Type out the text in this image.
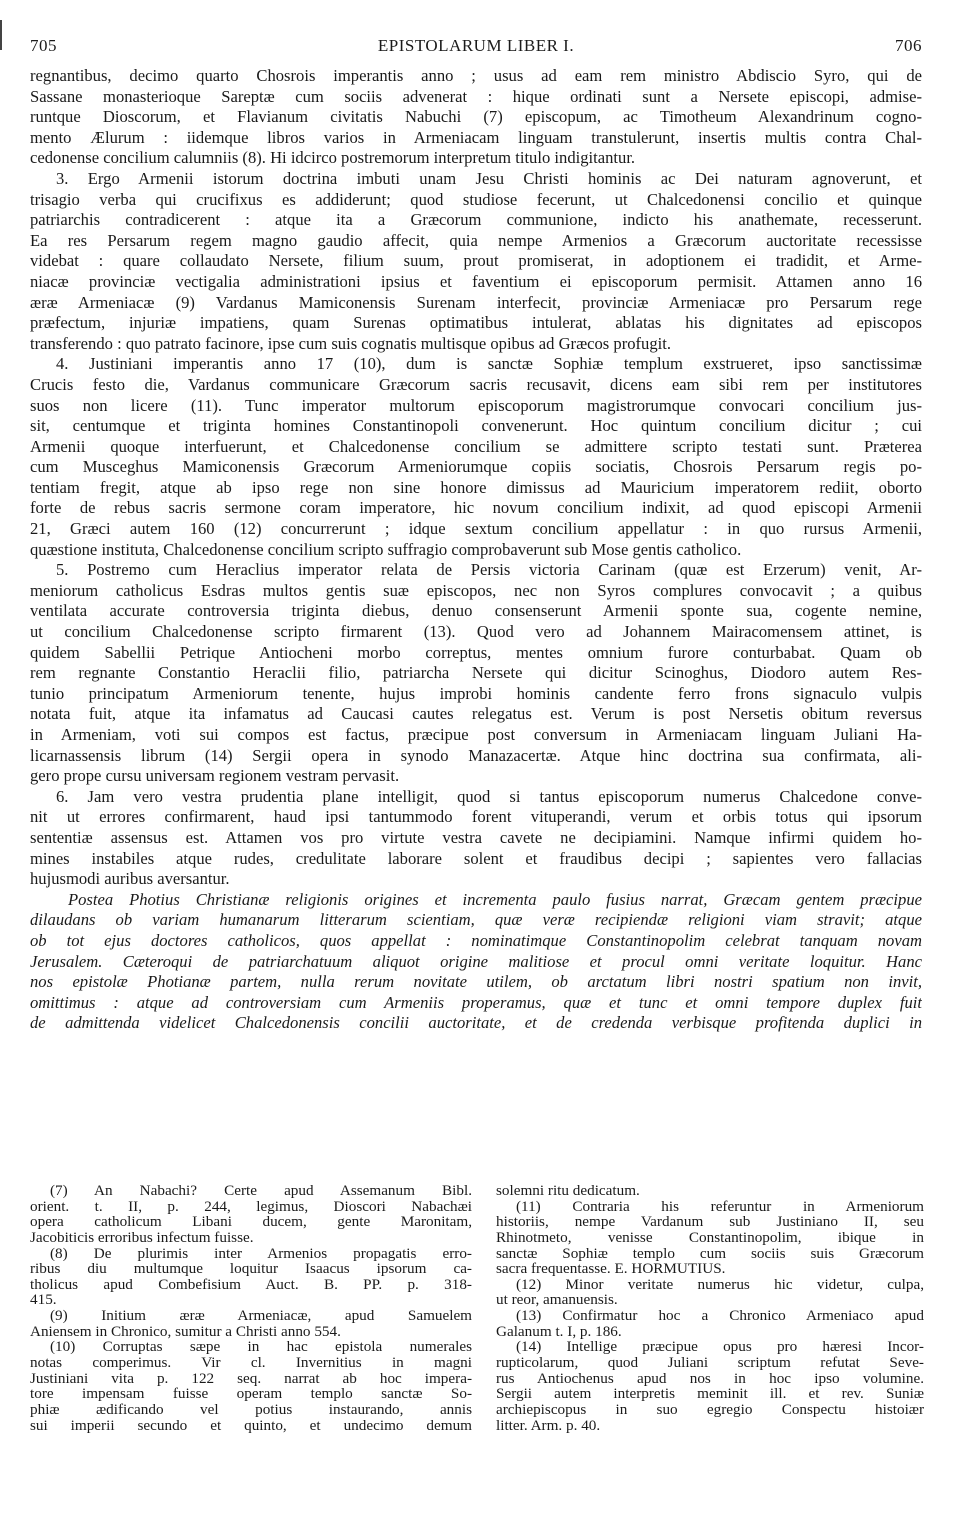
705	EPISTOLARUM LIBER I.	706
regnantibus, decimo quarto Chosrois imperantis anno ; usus ad eam rem ministro Abdiscio Syro, qui de
Sassane monasterioque Sareptæ cum sociis advenerat : hique ordinati sunt a Nersete episcopi, admise-
runtque Dioscorum, et Flavianum civitatis Nabuchi (7) episcopum, ac Timotheum Alexandrinum cogno-
mento Ælurum : iidemque libros varios in Armeniacam linguam transtulerunt, insertis multis contra Chal-
cedonense concilium calumniis (8). Hi idcirco postremorum interpretum titulo indigitantur.
3. Ergo Armenii istorum doctrina imbuti unam Jesu Christi hominis ac Dei naturam agnoverunt, et
trisagio verba qui crucifixus es addiderunt; quod studiose fecerunt, ut Chalcedonensi concilio et quinque
patriarchis contradicerent : atque ita a Græcorum communione, indicto his anathemate, recesserunt.
Ea res Persarum regem magno gaudio affecit, quia nempe Armenios a Græcorum auctoritate recessisse
videbat : quare collaudato Nersete, filium suum, prout promiserat, in adoptionem ei tradidit, et Arme-
niacæ provinciæ vectigalia administrationi ipsius et faventium ei episcoporum permisit. Attamen anno 16
æræ Armeniacæ (9) Vardanus Mamiconensis Surenam interfecit, provinciæ Armeniacæ pro Persarum rege
præfectum, injuriæ impatiens, quam Surenas optimatibus intulerat, ablatas his dignitates ad episcopos
transferendo : quo patrato facinore, ipse cum suis cognatis multisque opibus ad Græcos profugit.
4. Justiniani imperantis anno 17 (10), dum is sanctæ Sophiæ templum exstrueret, ipso sanctissimæ
Crucis festo die, Vardanus communicare Græcorum sacris recusavit, dicens eam sibi rem per institutores
suos non licere (11). Tunc imperator multorum episcoporum magistrorumque convocari concilium jus-
sit, centumque et triginta homines Constantinopoli convenerunt. Hoc quintum concilium dicitur ; cui
Armenii quoque interfuerunt, et Chalcedonense concilium se admittere scripto testati sunt. Præterea
cum Musceghus Mamiconensis Græcorum Armeniorumque copiis sociatis, Chosrois Persarum regis po-
tentiam fregit, atque ab ipso rege non sine honore dimissus ad Mauricium imperatorem rediit, oborto
forte de rebus sacris sermone coram imperatore, hic novum concilium indixit, ad quod episcopi Armenii
21, Græci autem 160 (12) concurrerunt ; idque sextum concilium appellatur : in quo rursus Armenii,
quæstione instituta, Chalcedonense concilium scripto suffragio comprobaverunt sub Mose gentis catholico.
5. Postremo cum Heraclius imperator relata de Persis victoria Carinam (quæ est Erzerum) venit, Ar-
meniorum catholicus Esdras multos gentis suæ episcopos, nec non Syros complures convocavit ; a quibus
ventilata accurate controversia triginta diebus, denuo consenserunt Armenii sponte sua, cogente nemine,
ut concilium Chalcedonense scripto firmarent (13). Quod vero ad Johannem Mairacomensem attinet, is
quidem Sabellii Petrique Antiocheni morbo correptus, mentes omnium furore conturbabat. Quam ob
rem regnante Constantio Heraclii filio, patriarcha Nersete qui dicitur Scinoghus, Diodoro autem Res-
tunio principatum Armeniorum tenente, hujus improbi hominis candente ferro frons signaculo vulpis
notata fuit, atque ita infamatus ad Caucasi cautes relegatus est. Verum is post Nersetis obitum reversus
in Armeniam, voti sui compos est factus, præcipue post conversum in Armeniacam linguam Juliani Ha-
licarnassensis librum (14) Sergii opera in synodo Manazacertæ. Atque hinc doctrina sua confirmata, ali-
gero prope cursu universam regionem vestram pervasit.
6. Jam vero vestra prudentia plane intelligit, quod si tantus episcoporum numerus Chalcedone conve-
nit ut errores confirmarent, haud ipsi tantummodo forent vituperandi, verum et orbis totus qui ipsorum
sententiæ assensus est. Attamen vos pro virtute vestra cavete ne decipiamini. Namque infirmi quidem ho-
mines instabiles atque rudes, credulitate laborare solent et fraudibus decipi ; sapientes vero fallacias
hujusmodi auribus aversantur.
Postea Photius Christianæ religionis origines et incrementa paulo fusius narrat, Græcam gentem præcipue
dilaudans ob variam humanarum litterarum scientiam, quæ veræ recipiendæ religioni viam stravit; atque
ob tot ejus doctores catholicos, quos appellat : nominatimque Constantinopolim celebrat tanquam novam
Jerusalem. Cæteroqui de patriarchatuum aliquot origine malitiose et procul omni veritate loquitur. Hanc
nos epistolæ Photianæ partem, nulla rerum novitate utilem, ob arctatum libri nostri spatium non invit,
omittimus : atque ad controversiam cum Armeniis properamus, quæ et tunc et omni tempore duplex fuit
de admittenda videlicet Chalcedonensis concilii auctoritate, et de credenda verbisque profitenda duplici in
(7) An Nabachi? Certe apud Assemanum Bibl.
orient. t. II, p. 244, legimus, Dioscori Nabachæi
opera catholicum Libani ducem, gente Maronitam,
Jacobiticis erroribus infectum fuisse.
(8) De plurimis inter Armenios propagatis erro-
ribus diu multumque loquitur Isaacus ipsorum ca-
tholicus apud Combefisium Auct. B. PP. p. 318-
415.
(9) Initium æræ Armeniacæ, apud Samuelem
Aniensem in Chronico, sumitur a Christi anno 554.
(10) Corruptas sæpe in hac epistola numerales
notas comperimus. Vir cl. Invernitius in magni
Justiniani vita p. 122 seq. narrat ab hoc impera-
tore impensam fuisse operam templo sanctæ So-
phiæ ædificando vel potius instaurando, annis
sui imperii secundo et quinto, et undecimo demum
solemni ritu dedicatum.
(11) Contraria his referuntur in Armeniorum
historiis, nempe Vardanum sub Justiniano II, seu
Rhinotmeto, venisse Constantinopolim, ibique in
sanctæ Sophiæ templo cum sociis suis Græcorum
sacra frequentasse. E. HORMUTIUS.
(12) Minor veritate numerus hic videtur, culpa,
ut reor, amanuensis.
(13) Confirmatur hoc a Chronico Armeniaco apud
Galanum t. I, p. 186.
(14) Intellige præcipue opus pro hæresi Incor-
rupticolarum, quod Juliani scriptum refutat Seve-
rus Antiochenus apud nos in hoc ipso volumine.
Sergii autem interpretis meminit ill. et rev. Suniæ
archiepiscopus in suo egregio Conspectu histoiær
litter. Arm. p. 40.
